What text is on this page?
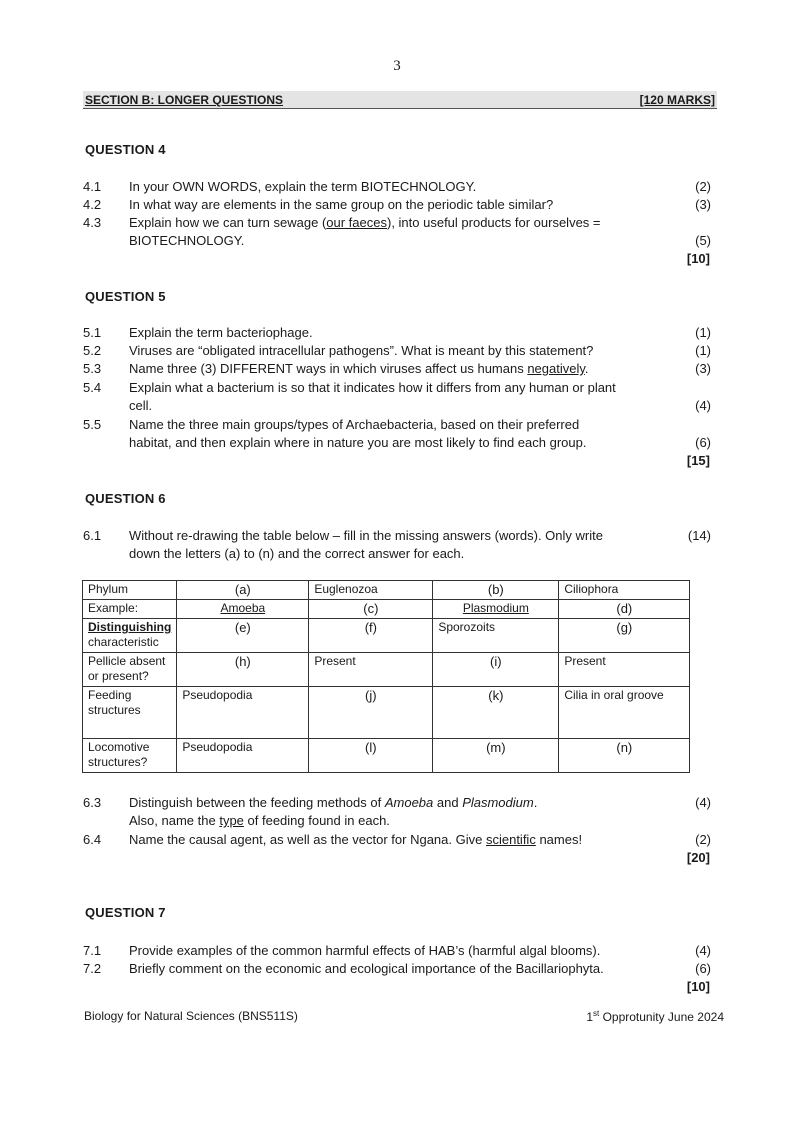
3
SECTION B: LONGER QUESTIONS	[120 MARKS]
QUESTION 4
4.1	In your OWN WORDS, explain the term BIOTECHNOLOGY.	(2)
4.2	In what way are elements in the same group on the periodic table similar?	(3)
4.3	Explain how we can turn sewage (our faeces), into useful products for ourselves =
BIOTECHNOLOGY.	(5)
[10]
QUESTION 5
5.1	Explain the term bacteriophage.	(1)
5.2	Viruses are “obligated intracellular pathogens”. What is meant by this statement?	(1)
5.3	Name three (3) DIFFERENT ways in which viruses affect us humans negatively.	(3)
5.4	Explain what a bacterium is so that it indicates how it differs from any human or plant
cell.	(4)
5.5	Name the three main groups/types of Archaebacteria, based on their preferred
habitat, and then explain where in nature you are most likely to find each group.	(6)
[15]
QUESTION 6
6.1	Without re-drawing the table below – fill in the missing answers (words). Only write
down the letters (a) to (n) and the correct answer for each.
(14)
Phylum	(a)	Euglenozoa	(b)	Ciliophora
Example:	Amoeba	(c)	Plasmodium	(d)
Distinguishing
characteristic	(e)	(f)	Sporozoits	(g)
Pellicle absent or present?	(h)	Present	(i)	Present
Feeding structures	Pseudopodia	(j)	(k)	Cilia in oral groove
Locomotive structures?	Pseudopodia	(l)	(m)	(n)
6.3	Distinguish between the feeding methods of Amoeba and Plasmodium.
Also, name the type of feeding found in each.
(4)
6.4	Name the causal agent, as well as the vector for Ngana. Give scientific names!	(2)
[20]
QUESTION 7
7.1	Provide examples of the common harmful effects of HAB’s (harmful algal blooms).	(4)
7.2	Briefly comment on the economic and ecological importance of the Bacillariophyta.	(6)
[10]
Biology for Natural Sciences (BNS511S)	1st Opprotunity June 2024
